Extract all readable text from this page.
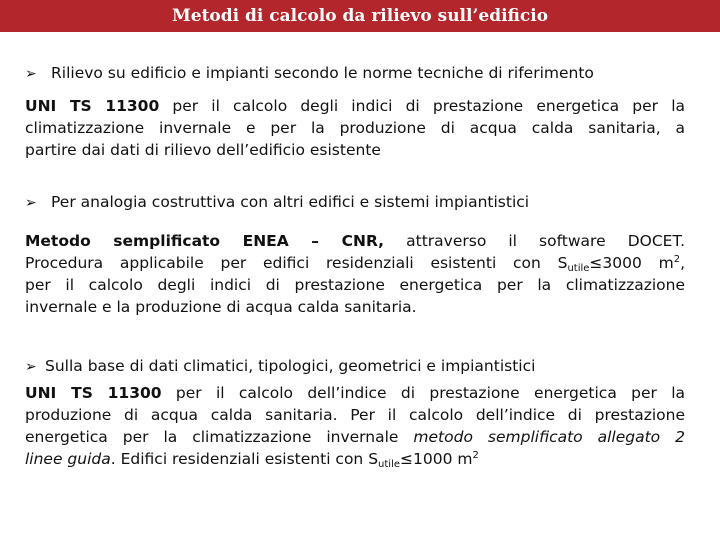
Metodi di calcolo da rilievo sull’edificio
➢ Rilievo su edificio e impianti secondo le norme tecniche di riferimento
UNI TS 11300 per il calcolo degli indici di prestazione energetica per la
climatizzazione invernale e per la produzione di acqua calda sanitaria, a
partire dai dati di rilievo dell’edificio esistente
➢ Per analogia costruttiva con altri edifici e sistemi impiantistici
Metodo semplificato ENEA – CNR, attraverso il software DOCET.
Procedura applicabile per edifici residenziali esistenti con $S_{utile}\le 3000$ $m^2$,
per il calcolo degli indici di prestazione energetica per la climatizzazione
invernale e la produzione di acqua calda sanitaria.
➢ Sulla base di dati climatici, tipologici, geometrici e impiantistici
UNI TS 11300 per il calcolo dell’indice di prestazione energetica per la
produzione di acqua calda sanitaria. Per il calcolo dell’indice di prestazione
energetica per la climatizzazione invernale metodo semplificato allegato 2
linee guida. Edifici residenziali esistenti con $S_{utile}\le 1000$ $m^2$
